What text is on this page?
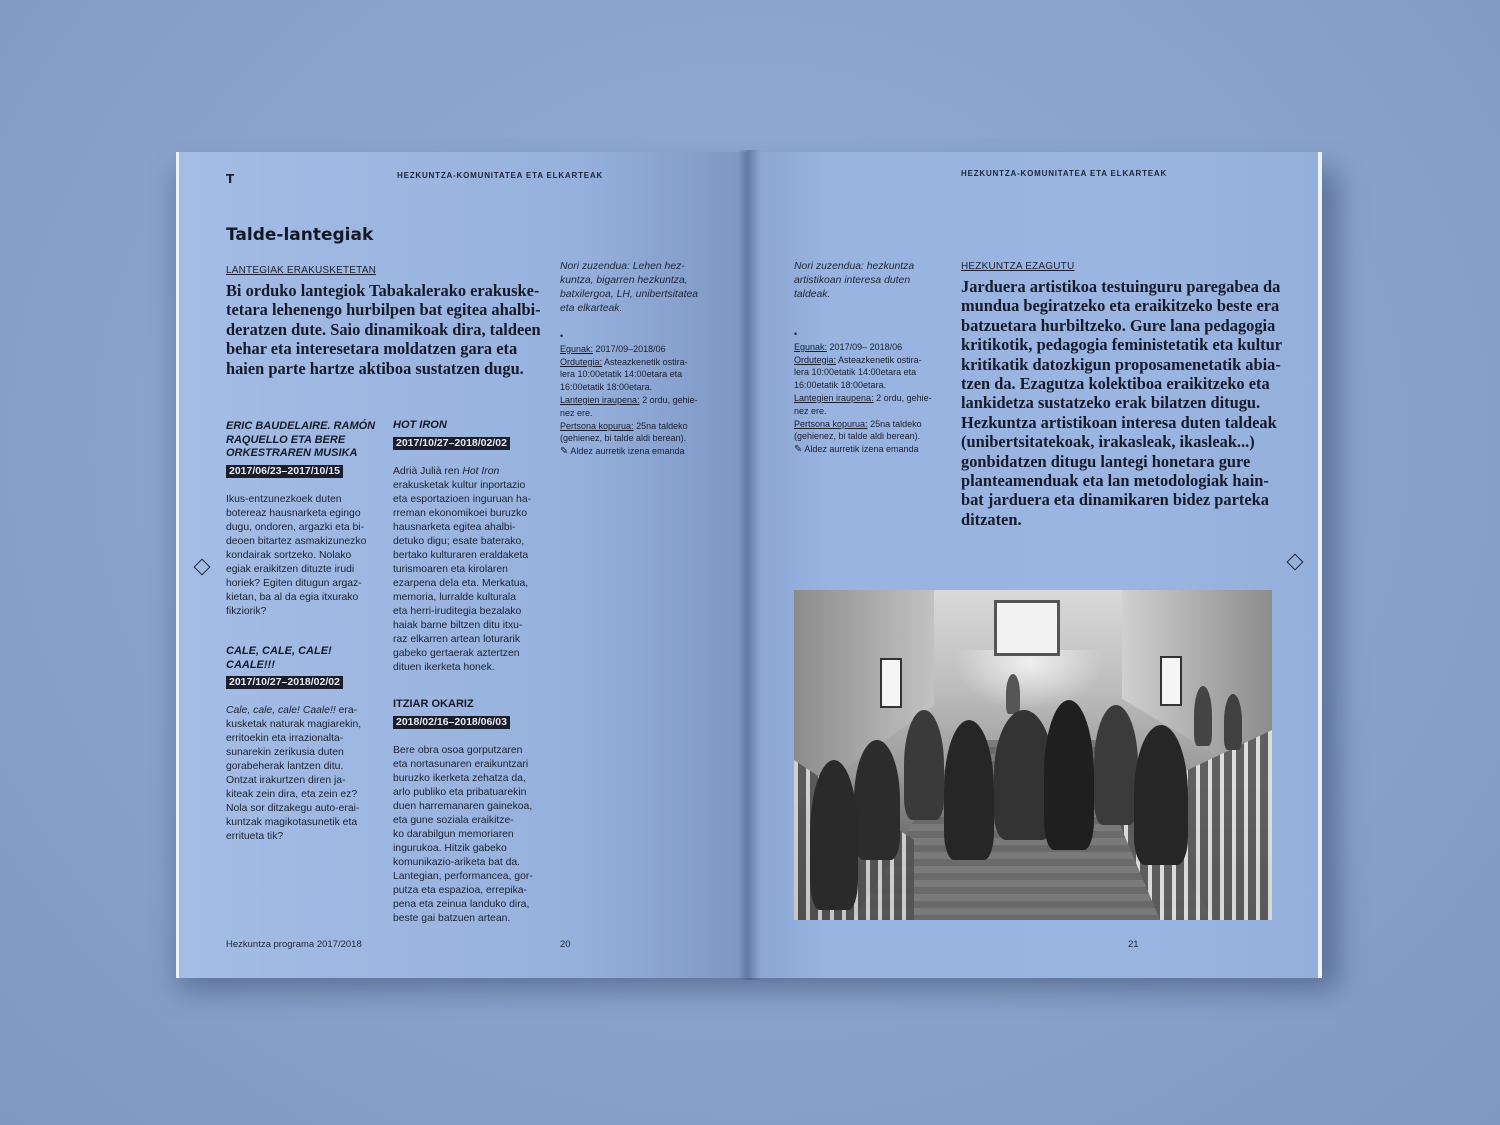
T	HEZKUNTZA-KOMUNITATEA ETA ELKARTEAK
Talde-lantegiak
LANTEGIAK ERAKUSKETETAN
Bi orduko lantegiok Tabakalerako erakuske-
tetara lehenengo hurbilpen bat egitea ahalbi-
deratzen dute. Saio dinamikoak dira, taldeen
behar eta interesetara moldatzen gara eta
haien parte hartze aktiboa sustatzen dugu.
Nori zuzendua: Lehen hez-
kuntza, bigarren hezkuntza,
batxilergoa, LH, unibertsitatea
eta elkarteak.
•
Egunak: 2017/09–2018/06
Ordutegia: Asteazkenetik ostira-
lera 10:00etatik 14:00etara eta
16:00etatik 18:00etara.
Lantegien iraupena: 2 ordu, gehie-
nez ere.
Pertsona kopurua: 25na taldeko
(gehienez, bi talde aldi berean).
✎ Aldez aurretik izena emanda
ERIC BAUDELAIRE. RAMÓN
RAQUELLO ETA BERE
ORKESTRAREN MUSIKA
2017/06/23–2017/10/15
Ikus-entzunezkoek duten
botereaz hausnarketa egingo
dugu, ondoren, argazki eta bi-
deoen bitartez asmakizunezko
kondairak sortzeko. Nolako
egiak eraikitzen dituzte irudi
horiek? Egiten ditugun argaz-
kietan, ba al da egia itxurako
fikziorik?
CALE, CALE, CALE! CAALE!!!
2017/10/27–2018/02/02
Cale, cale, cale! Caale!! era-
kusketak naturak magiarekin,
erritoekin eta irrazionalta-
sunarekin zerikusia duten
gorabeherak lantzen ditu.
Ontzat irakurtzen diren ja-
kiteak zein dira, eta zein ez?
Nola sor ditzakegu auto-erai-
kuntzak magikotasunetik eta
erritueta tik?
HOT IRON
2017/10/27–2018/02/02
Adrià Julià ren Hot Iron
erakusketak kultur inportazio
eta esportazioen inguruan ha-
rreman ekonomikoei buruzko
hausnarketa egitea ahalbi-
detuko digu; esate baterako,
bertako kulturaren eraldaketa
turismoaren eta kirolaren
ezarpena dela eta. Merkatua,
memoria, lurralde kulturala
eta herri-iruditegia bezalako
haiak barne biltzen ditu itxu-
raz elkarren artean loturarik
gabeko gertaerak aztertzen
dituen ikerketa honek.
ITZIAR OKARIZ
2018/02/16–2018/06/03
Bere obra osoa gorputzaren
eta nortasunaren eraikuntzari
buruzko ikerketa zehatza da,
arlo publiko eta pribatuarekin
duen harremanaren gainekoa,
eta gune soziala eraikitze-
ko darabilgun memoriaren
ingurukoa. Hitzik gabeko
komunikazio-ariketa bat da.
Lantegian, performancea, gor-
putza eta espazioa, errepika-
pena eta zeinua landuko dira,
beste gai batzuen artean.
Hezkuntza programa 2017/2018	20
HEZKUNTZA-KOMUNITATEA ETA ELKARTEAK
Nori zuzendua: hezkuntza
artistikoan interesa duten
taldeak.
•
Egunak: 2017/09– 2018/06
Ordutegia: Asteazkenetik ostira-
lera 10:00etatik 14:00etara eta
16:00etatik 18:00etara.
Lantegien iraupena: 2 ordu, gehie-
nez ere.
Pertsona kopurua: 25na taldeko
(gehienez, bi talde aldi berean).
✎ Aldez aurretik izena emanda
HEZKUNTZA EZAGUTU
Jarduera artistikoa testuinguru paregabea da
mundua begiratzeko eta eraikitzeko beste era
batzuetara hurbiltzeko. Gure lana pedagogia
kritikotik, pedagogia feministetatik eta kultur
kritikatik datozkigun proposamenetatik abia-
tzen da. Ezagutza kolektiboa eraikitzeko eta
lankidetza sustatzeko erak bilatzen ditugu.
Hezkuntza artistikoan interesa duten taldeak
(unibertsitatekoak, irakasleak, ikasleak...)
gonbidatzen ditugu lantegi honetara gure
planteamenduak eta lan metodologiak hain-
bat jarduera eta dinamikaren bidez parteka
ditzaten.
21
